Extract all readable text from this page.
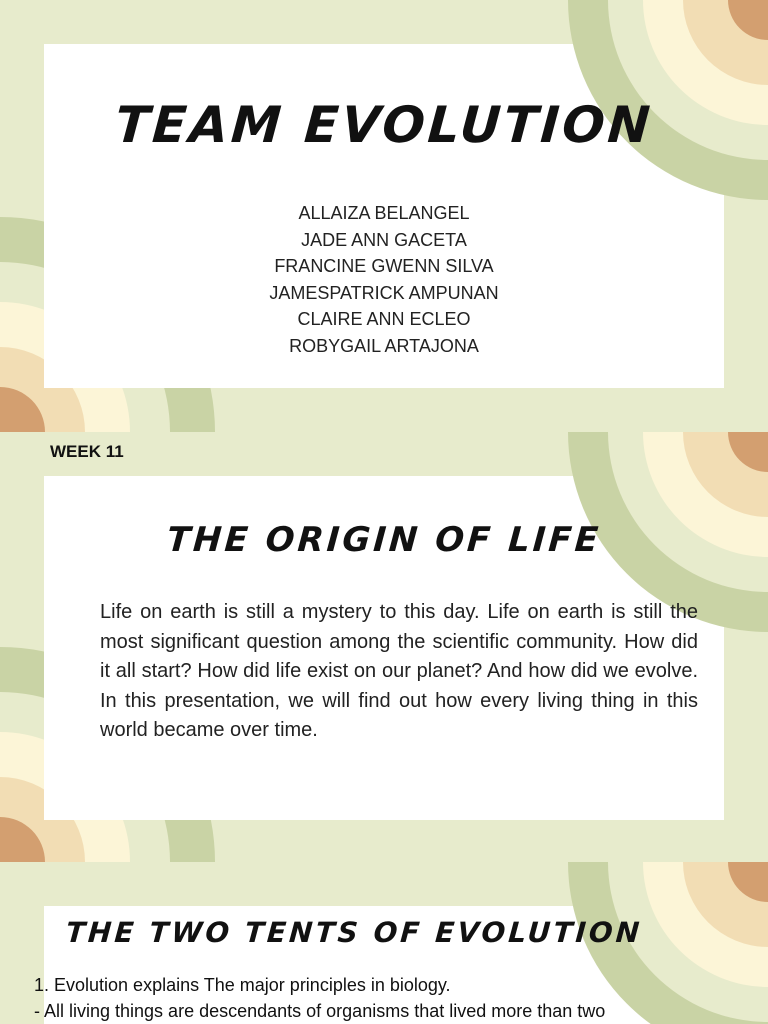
TEAM EVOLUTION
ALLAIZA BELANGEL
JADE ANN GACETA
FRANCINE GWENN SILVA
JAMESPATRICK AMPUNAN
CLAIRE ANN ECLEO
ROBYGAIL ARTAJONA
WEEK 11
THE ORIGIN OF LIFE

Life on earth is still a mystery to this day. Life on earth is still the most significant question among the scientific community. How did it all start? How did life exist on our planet? And how did we evolve. In this presentation, we will find out how every living thing in this world became over time.

THE TWO TENTS OF EVOLUTION
1. Evolution explains The major principles in biology.
- All living things are descendants of organisms that lived more than two
